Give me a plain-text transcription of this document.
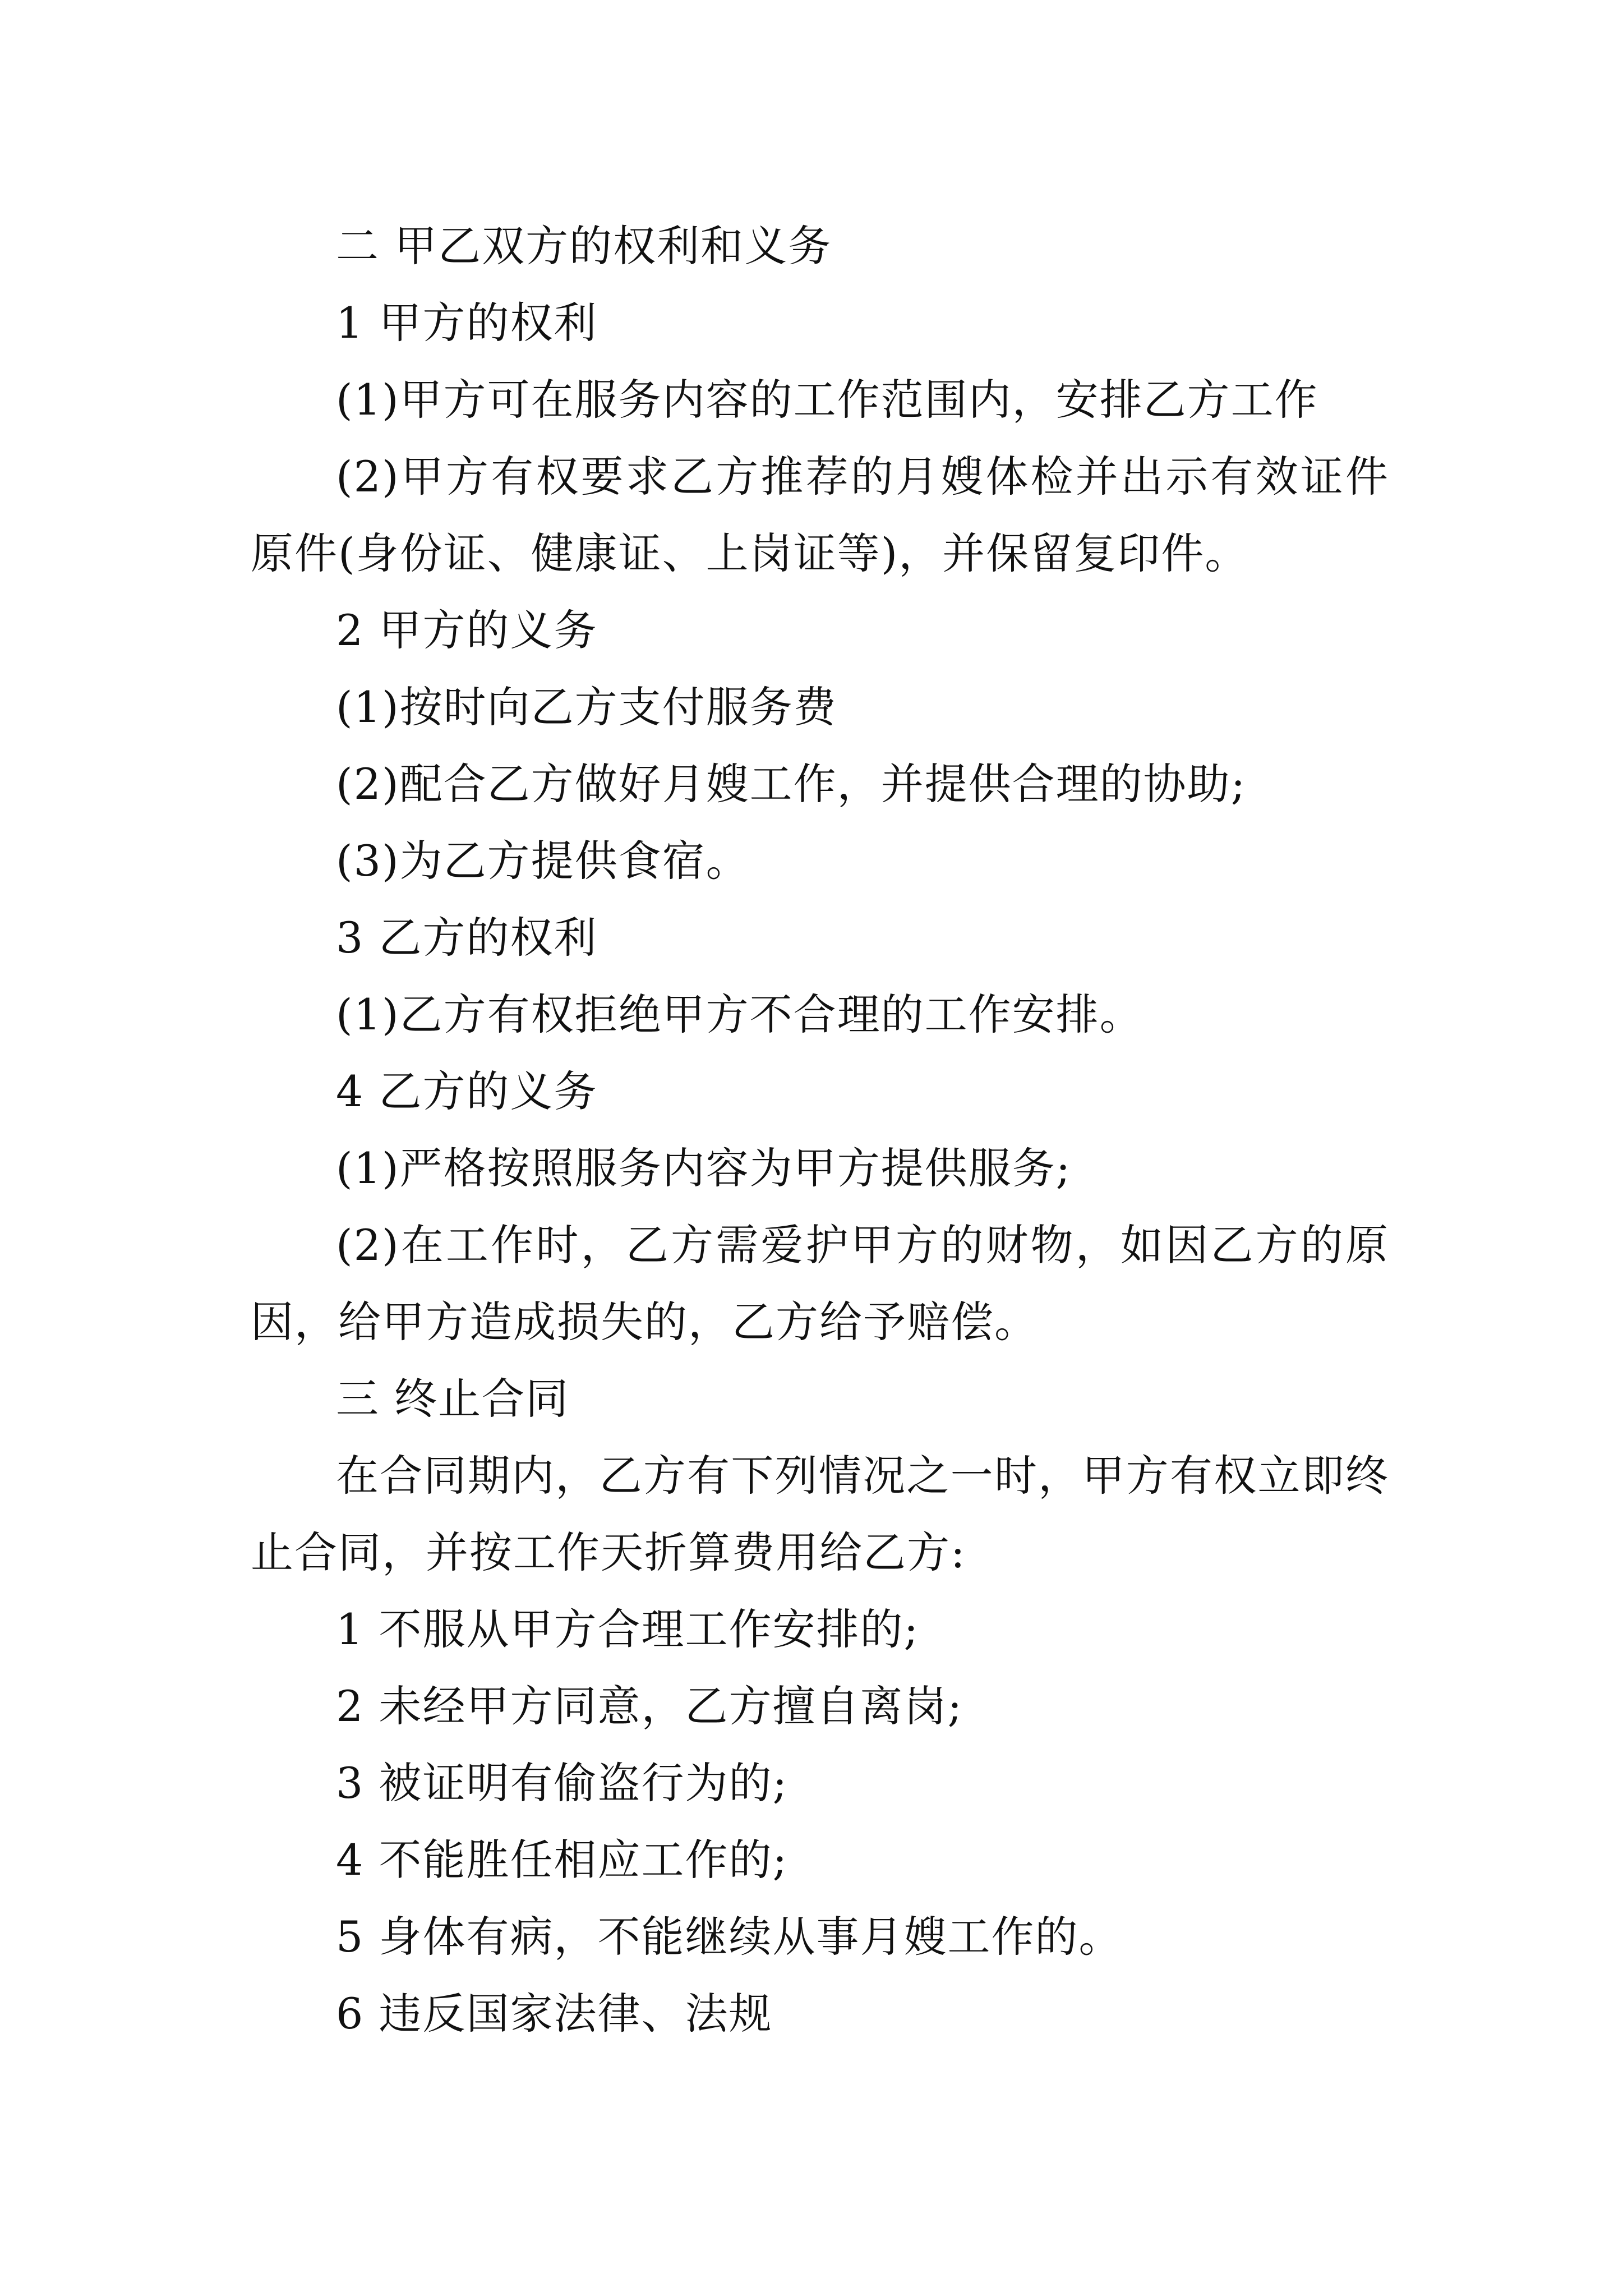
二 甲乙双方的权利和义务
1 甲方的权利
(1)甲方可在服务内容的工作范围内，安排乙方工作
(2)甲方有权要求乙方推荐的月嫂体检并出示有效证件
原件(身份证、健康证、上岗证等)，并保留复印件。
2 甲方的义务
(1)按时向乙方支付服务费
(2)配合乙方做好月嫂工作，并提供合理的协助;
(3)为乙方提供食宿。
3 乙方的权利
(1)乙方有权拒绝甲方不合理的工作安排。
4 乙方的义务
(1)严格按照服务内容为甲方提供服务;
(2)在工作时，乙方需爱护甲方的财物，如因乙方的原
因，给甲方造成损失的，乙方给予赔偿。
三 终止合同
在合同期内，乙方有下列情况之一时，甲方有权立即终
止合同，并按工作天折算费用给乙方:
1 不服从甲方合理工作安排的;
2 未经甲方同意，乙方擅自离岗;
3 被证明有偷盗行为的;
4 不能胜任相应工作的;
5 身体有病，不能继续从事月嫂工作的。
6 违反国家法律、法规
